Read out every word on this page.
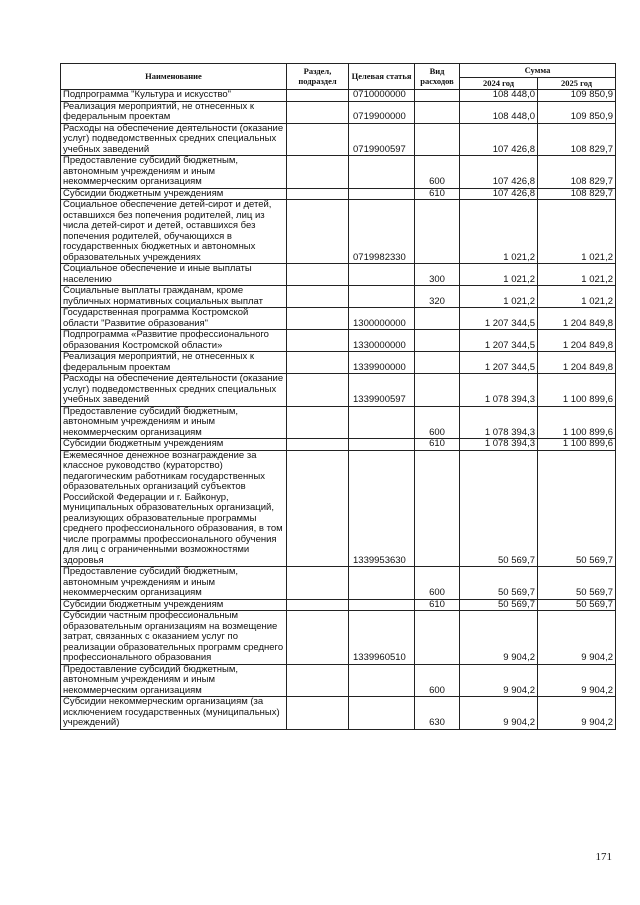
Наименование	Раздел, подраздел	Целевая статья	Вид расходов	Сумма	
				2024 год	2025 год
Подпрограмма "Культура и искусство"		0710000000		108 448,0	109 850,9
Реализация мероприятий, не отнесенных к федеральным проектам		0719900000		108 448,0	109 850,9
Расходы на обеспечение деятельности (оказание услуг) подведомственных средних специальных учебных заведений		0719900597		107 426,8	108 829,7
Предоставление субсидий бюджетным, автономным учреждениям и иным некоммерческим организациям			600	107 426,8	108 829,7
Субсидии бюджетным учреждениям			610	107 426,8	108 829,7
Социальное обеспечение детей-сирот и детей, оставшихся без попечения родителей, лиц из числа детей-сирот и детей, оставшихся без попечения родителей, обучающихся в государственных бюджетных и автономных образовательных учреждениях		0719982330		1 021,2	1 021,2
Социальное обеспечение и иные выплаты населению			300	1 021,2	1 021,2
Социальные выплаты гражданам, кроме публичных нормативных социальных выплат			320	1 021,2	1 021,2
Государственная программа Костромской области "Развитие образования"		1300000000		1 207 344,5	1 204 849,8
Подпрограмма «Развитие профессионального образования Костромской области»		1330000000		1 207 344,5	1 204 849,8
Реализация мероприятий, не отнесенных к федеральным проектам		1339900000		1 207 344,5	1 204 849,8
Расходы на обеспечение деятельности (оказание услуг) подведомственных средних специальных учебных заведений		1339900597		1 078 394,3	1 100 899,6
Предоставление субсидий бюджетным, автономным учреждениям и иным некоммерческим организациям			600	1 078 394,3	1 100 899,6
Субсидии бюджетным учреждениям			610	1 078 394,3	1 100 899,6
Ежемесячное денежное вознаграждение за классное руководство (кураторство) педагогическим работникам государственных образовательных организаций субъектов Российской Федерации и г. Байконур, муниципальных образовательных организаций, реализующих образовательные программы среднего профессионального образования, в том числе программы профессионального обучения для лиц с ограниченными возможностями здоровья		1339953630		50 569,7	50 569,7
Предоставление субсидий бюджетным, автономным учреждениям и иным некоммерческим организациям			600	50 569,7	50 569,7
Субсидии бюджетным учреждениям			610	50 569,7	50 569,7
Субсидии частным профессиональным образовательным организациям на возмещение затрат, связанных с оказанием услуг по реализации образовательных программ среднего профессионального образования		1339960510		9 904,2	9 904,2
Предоставление субсидий бюджетным, автономным учреждениям и иным некоммерческим организациям			600	9 904,2	9 904,2
Субсидии некоммерческим организациям (за исключением государственных (муниципальных) учреждений)			630	9 904,2	9 904,2
171
